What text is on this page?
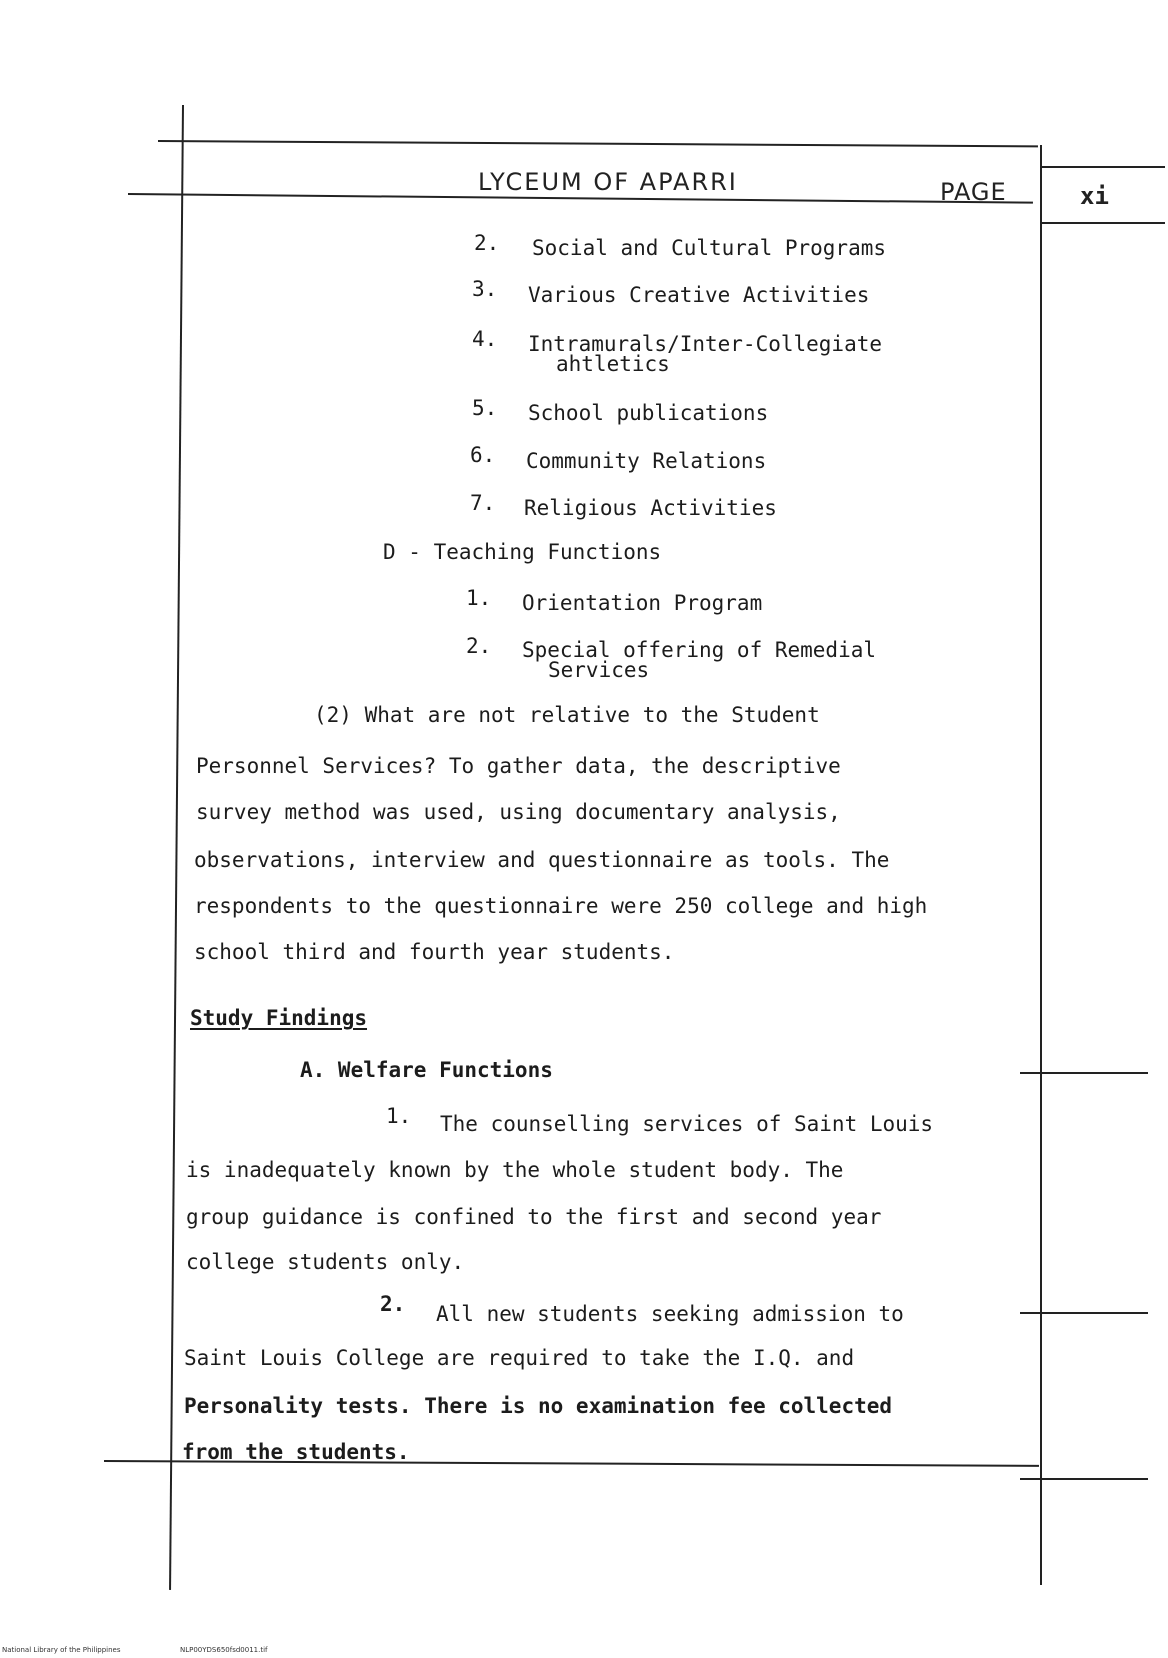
LYCEUM OF APARRI	PAGE	xi
2. Social and Cultural Programs
3. Various Creative Activities
4. Intramurals/Inter-Collegiate
ahtletics
5. School publications
6. Community Relations
7. Religious Activities
D - Teaching Functions
1. Orientation Program
2. Special offering of Remedial
Services
(2) What are not relative to the Student
Personnel Services? To gather data, the descriptive
survey method was used, using documentary analysis,
observations, interview and questionnaire as tools. The
respondents to the questionnaire were 250 college and high
school third and fourth year students.
Study Findings
A. Welfare Functions
1. The counselling services of Saint Louis
is inadequately known by the whole student body. The
group guidance is confined to the first and second year
college students only.
2. All new students seeking admission to
Saint Louis College are required to take the I.Q. and
Personality tests. There is no examination fee collected
from the students.
National Library of the Philippines	NLP00YDS650fsd0011.tif
